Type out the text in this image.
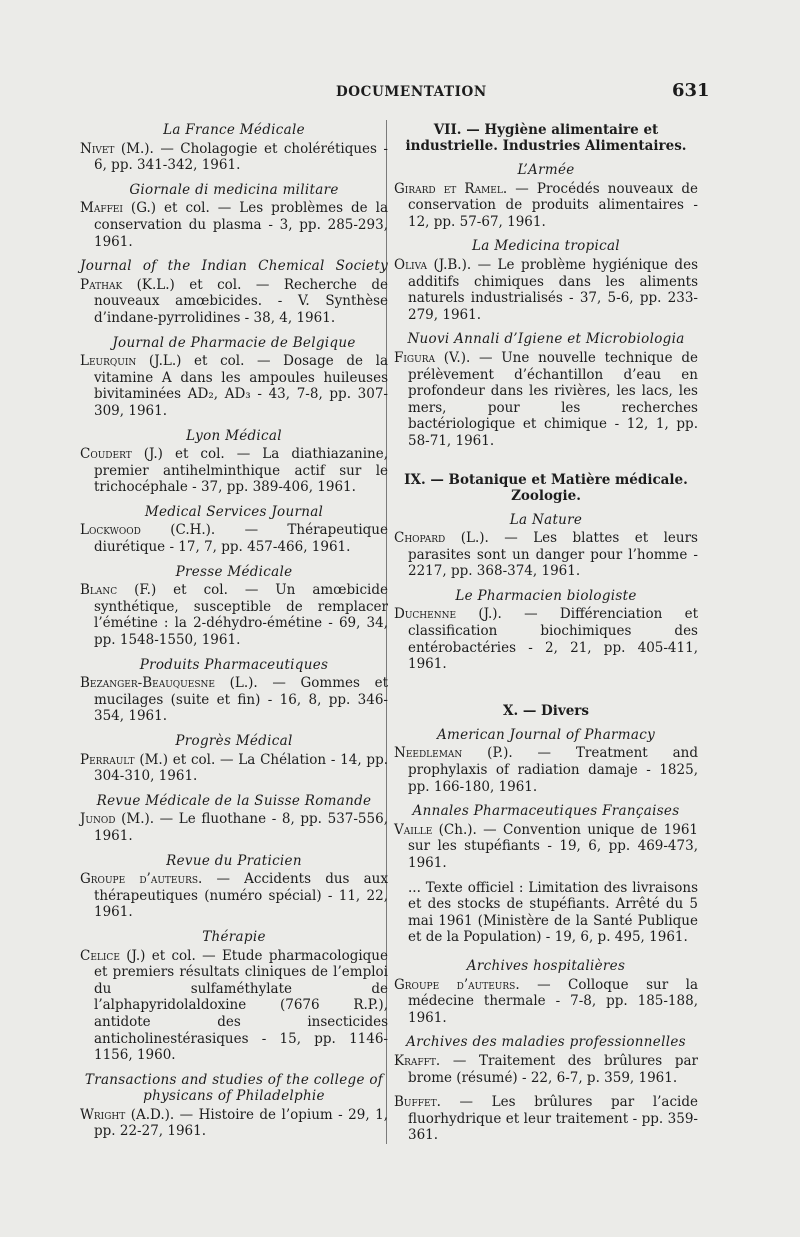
DOCUMENTATION	631
La France Médicale

Nivet (M.). — Cholagogie et cholérétiques - 6, pp. 341-342, 1961.

Giornale di medicina militare

Maffei (G.) et col. — Les problèmes de la conservation du plasma - 3, pp. 285-293, 1961.

Journal of the Indian Chemical Society

Pathak (K.L.) et col. — Recherche de nouveaux amœbicides. - V. Synthèse d’indane-pyrrolidines - 38, 4, 1961.

Journal de Pharmacie de Belgique

Leurquin (J.L.) et col. — Dosage de la vitamine A dans les ampoules huileuses bivitaminées AD₂, AD₃ - 43, 7-8, pp. 307-309, 1961.

Lyon Médical

Coudert (J.) et col. — La diathiazanine, premier antihelminthique actif sur le trichocéphale - 37, pp. 389-406, 1961.

Medical Services Journal

Lockwood (C.H.). — Thérapeutique diurétique - 17, 7, pp. 457-466, 1961.

Presse Médicale

Blanc (F.) et col. — Un amœbicide synthétique, susceptible de remplacer l’émétine : la 2-déhydro-émétine - 69, 34, pp. 1548-1550, 1961.

Produits Pharmaceutiques

Bezanger-Beauquesne (L.). — Gommes et mucilages (suite et fin) - 16, 8, pp. 346-354, 1961.

Progrès Médical

Perrault (M.) et col. — La Chélation - 14, pp. 304-310, 1961.

Revue Médicale de la Suisse Romande

Junod (M.). — Le fluothane - 8, pp. 537-556, 1961.

Revue du Praticien

Groupe d’auteurs. — Accidents dus aux thérapeutiques (numéro spécial) - 11, 22, 1961.

Thérapie

Celice (J.) et col. — Etude pharmacologique et premiers résultats cliniques de l’emploi du sulfaméthylate de l’alphapyridolaldoxine (7676 R.P.), antidote des insecticides anticholinestérasiques - 15, pp. 1146-1156, 1960.

Transactions and studies of the college of physicans of Philadelphie

Wright (A.D.). — Histoire de l’opium - 29, 1, pp. 22-27, 1961.

VII. — Hygiène alimentaire et industrielle. Industries Alimentaires.
L’Armée

Girard et Ramel. — Procédés nouveaux de conservation de produits alimentaires - 12, pp. 57-67, 1961.

La Medicina tropical

Oliva (J.B.). — Le problème hygiénique des additifs chimiques dans les aliments naturels industrialisés - 37, 5-6, pp. 233-279, 1961.

Nuovi Annali d’Igiene et Microbiologia

Figura (V.). — Une nouvelle technique de prélèvement d’échantillon d’eau en profondeur dans les rivières, les lacs, les mers, pour les recherches bactériologique et chimique - 12, 1, pp. 58-71, 1961.

IX. — Botanique et Matière médicale. Zoologie.
La Nature

Chopard (L.). — Les blattes et leurs parasites sont un danger pour l’homme - 2217, pp. 368-374, 1961.

Le Pharmacien biologiste

Duchenne (J.). — Différenciation et classification biochimiques des entérobactéries - 2, 21, pp. 405-411, 1961.

X. — Divers
American Journal of Pharmacy

Needleman (P.). — Treatment and prophylaxis of radiation damaje - 1825, pp. 166-180, 1961.

Annales Pharmaceutiques Françaises

Vaille (Ch.). — Convention unique de 1961 sur les stupéfiants - 19, 6, pp. 469-473, 1961.

... Texte officiel : Limitation des livraisons et des stocks de stupéfiants. Arrêté du 5 mai 1961 (Ministère de la Santé Publique et de la Population) - 19, 6, p. 495, 1961.

Archives hospitalières

Groupe d’auteurs. — Colloque sur la médecine thermale - 7-8, pp. 185-188, 1961.

Archives des maladies professionnelles

Krafft. — Traitement des brûlures par brome (résumé) - 22, 6-7, p. 359, 1961.

Buffet. — Les brûlures par l’acide fluorhydrique et leur traitement - pp. 359-361.
